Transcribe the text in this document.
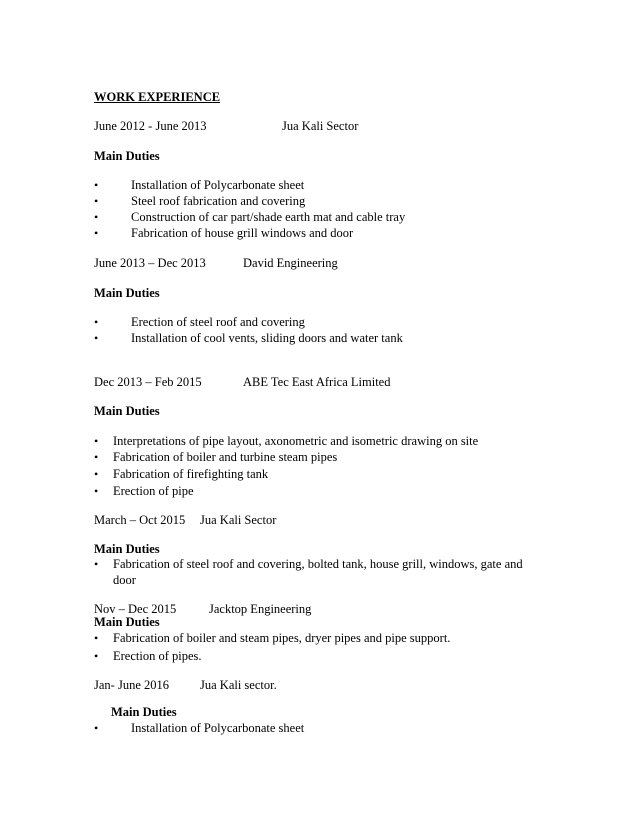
WORK EXPERIENCE
June 2012 - June 2013	Jua Kali Sector
Main Duties
•	Installation of Polycarbonate sheet
•	Steel roof fabrication and covering
•	Construction of car part/shade earth mat and cable tray
•	Fabrication of house grill windows and door
June 2013 – Dec 2013	David Engineering
Main Duties
•	Erection of steel roof and covering
•	Installation of cool vents, sliding doors and water tank
Dec 2013 – Feb 2015	ABE Tec East Africa Limited
Main Duties
• Interpretations of pipe layout, axonometric and isometric drawing on site
• Fabrication of boiler and turbine steam pipes
• Fabrication of firefighting tank
• Erection of pipe
March – Oct 2015 Jua Kali Sector
Main Duties
• Fabrication of steel roof and covering, bolted tank, house grill, windows, gate and
door
Nov – Dec 2015	Jacktop Engineering
Main Duties
• Fabrication of boiler and steam pipes, dryer pipes and pipe support.
• Erection of pipes.
Jan- June 2016 Jua Kali sector.
Main Duties
•	Installation of Polycarbonate sheet
